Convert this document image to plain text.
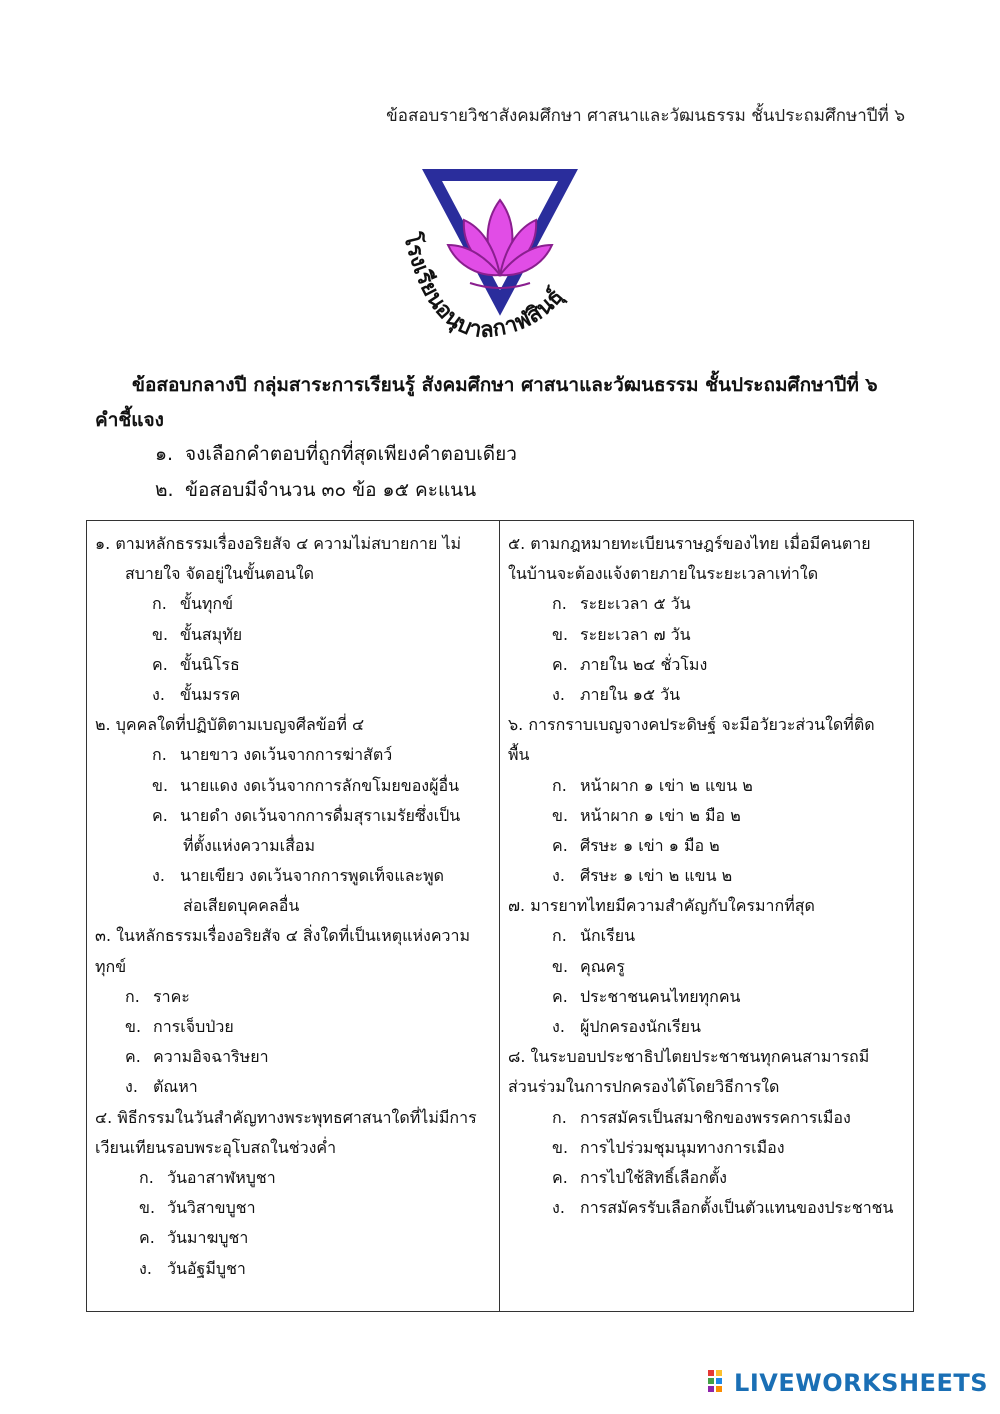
ข้อสอบรายวิชาสังคมศึกษา ศาสนาและวัฒนธรรม ชั้นประถมศึกษาปีที่ ๖
โรงเรียนอนุบาลกาฬสินธุ์
ข้อสอบกลางปี กลุ่มสาระการเรียนรู้ สังคมศึกษา ศาสนาและวัฒนธรรม ชั้นประถมศึกษาปีที่ ๖
คำชี้แจง
๑. จงเลือกคำตอบที่ถูกที่สุดเพียงคำตอบเดียว
๒. ข้อสอบมีจำนวน ๓๐ ข้อ ๑๕ คะแนน
๑. ตามหลักธรรมเรื่องอริยสัจ ๔ ความไม่สบายกาย ไม่
สบายใจ จัดอยู่ในขั้นตอนใด
ก. ขั้นทุกข์
ข. ขั้นสมุทัย
ค. ขั้นนิโรธ
ง. ขั้นมรรค
๒. บุคคลใดที่ปฏิบัติตามเบญจศีลข้อที่ ๔
ก. นายขาว งดเว้นจากการฆ่าสัตว์
ข. นายแดง งดเว้นจากการลักขโมยของผู้อื่น
ค. นายดำ งดเว้นจากการดื่มสุราเมรัยซึ่งเป็น
ที่ตั้งแห่งความเสื่อม
ง. นายเขียว งดเว้นจากการพูดเท็จและพูด
ส่อเสียดบุคคลอื่น
๓. ในหลักธรรมเรื่องอริยสัจ ๔ สิ่งใดที่เป็นเหตุแห่งความ
ทุกข์
ก. ราคะ
ข. การเจ็บป่วย
ค. ความอิจฉาริษยา
ง. ตัณหา
๔. พิธีกรรมในวันสำคัญทางพระพุทธศาสนาใดที่ไม่มีการ
เวียนเทียนรอบพระอุโบสถในช่วงค่ำ
ก. วันอาสาฬหบูชา
ข. วันวิสาขบูชา
ค. วันมาฆบูชา
ง. วันอัฐมีบูชา
๕. ตามกฎหมายทะเบียนราษฎร์ของไทย เมื่อมีคนตาย
ในบ้านจะต้องแจ้งตายภายในระยะเวลาเท่าใด
ก. ระยะเวลา ๕ วัน
ข. ระยะเวลา ๗ วัน
ค. ภายใน ๒๔ ชั่วโมง
ง. ภายใน ๑๕ วัน
๖. การกราบเบญจางคประดิษฐ์ จะมีอวัยวะส่วนใดที่ติด
พื้น
ก. หน้าผาก ๑ เข่า ๒ แขน ๒
ข. หน้าผาก ๑ เข่า ๒ มือ ๒
ค. ศีรษะ ๑ เข่า ๑ มือ ๒
ง. ศีรษะ ๑ เข่า ๒ แขน ๒
๗. มารยาทไทยมีความสำคัญกับใครมากที่สุด
ก. นักเรียน
ข. คุณครู
ค. ประชาชนคนไทยทุกคน
ง. ผู้ปกครองนักเรียน
๘. ในระบอบประชาธิปไตยประชาชนทุกคนสามารถมี
ส่วนร่วมในการปกครองได้โดยวิธีการใด
ก. การสมัครเป็นสมาชิกของพรรคการเมือง
ข. การไปร่วมชุมนุมทางการเมือง
ค. การไปใช้สิทธิ์เลือกตั้ง
ง. การสมัครรับเลือกตั้งเป็นตัวแทนของประชาชน
LIVEWORKSHEETS
